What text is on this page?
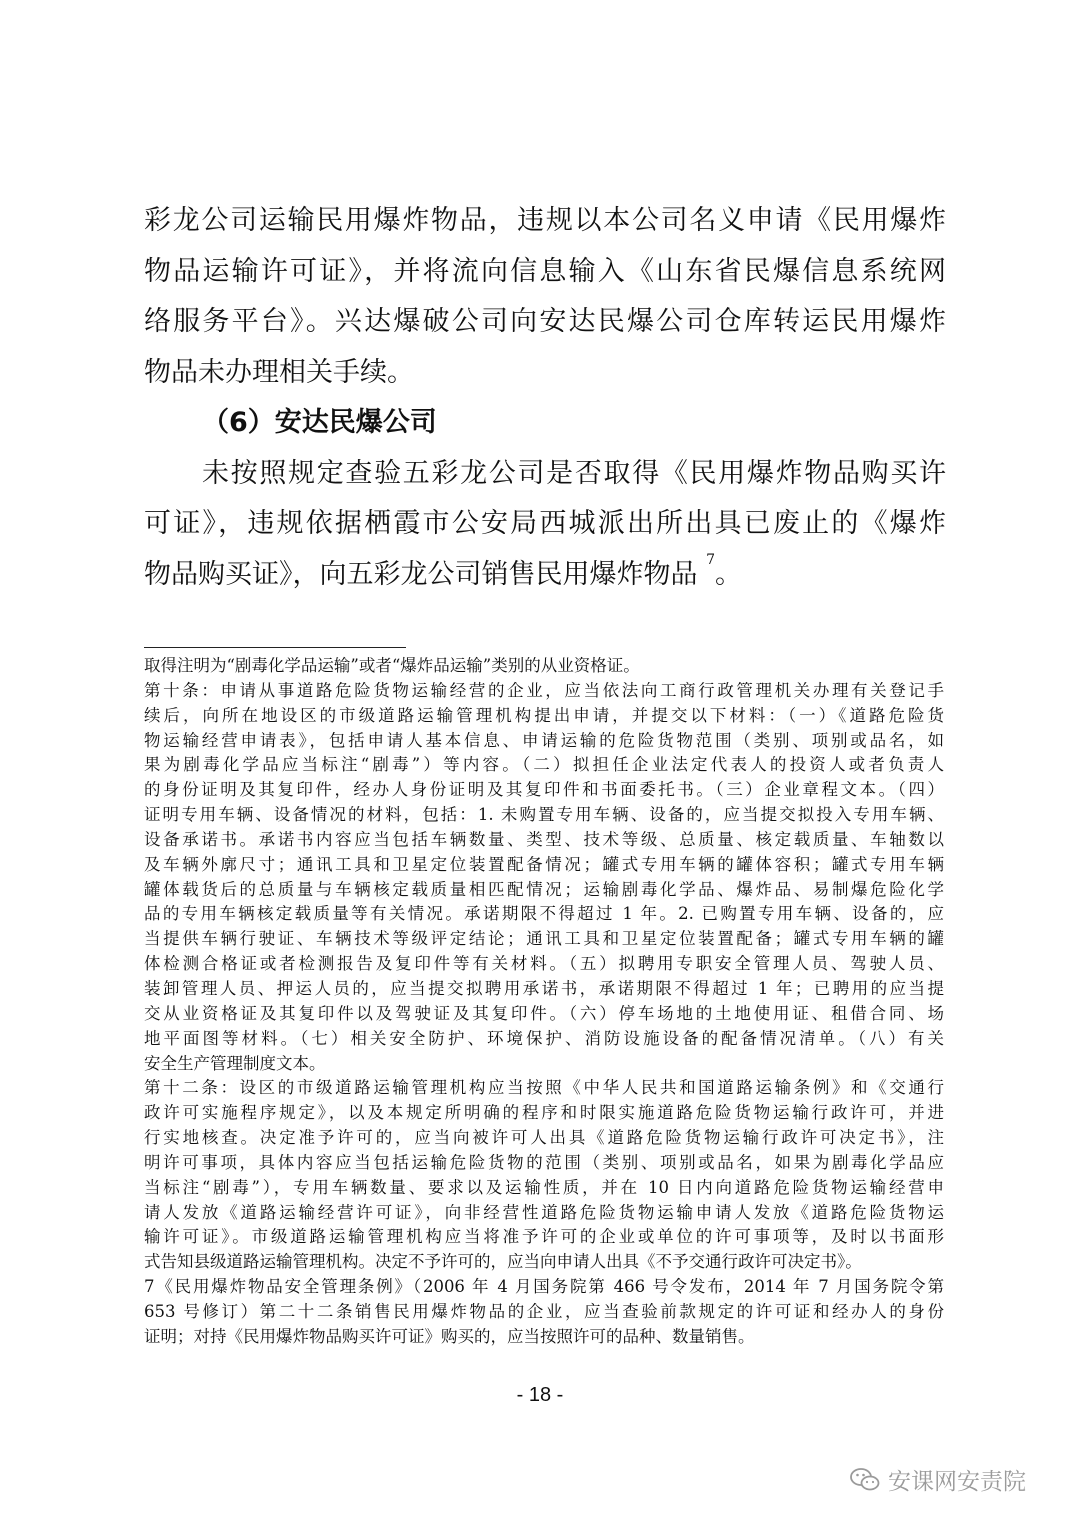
彩龙公司运输民用爆炸物品，违规以本公司名义申请《民用爆炸
物品运输许可证》，并将流向信息输入《山东省民爆信息系统网
络服务平台》。兴达爆破公司向安达民爆公司仓库转运民用爆炸
物品未办理相关手续。
（6）安达民爆公司
未按照规定查验五彩龙公司是否取得《民用爆炸物品购买许
可证》，违规依据栖霞市公安局西城派出所出具已废止的《爆炸
物品购买证》，向五彩龙公司销售民用爆炸物品 $^7$。
取得注明为“剧毒化学品运输”或者“爆炸品运输”类别的从业资格证。
第十条：申请从事道路危险货物运输经营的企业，应当依法向工商行政管理机关办理有关登记手
续后，向所在地设区的市级道路运输管理机构提出申请，并提交以下材料：（一）《道路危险货
物运输经营申请表》，包括申请人基本信息、申请运输的危险货物范围（类别、项别或品名，如
果为剧毒化学品应当标注“剧毒”）等内容。（二）拟担任企业法定代表人的投资人或者负责人
的身份证明及其复印件，经办人身份证明及其复印件和书面委托书。（三）企业章程文本。（四）
证明专用车辆、设备情况的材料，包括：1. 未购置专用车辆、设备的，应当提交拟投入专用车辆、
设备承诺书。承诺书内容应当包括车辆数量、类型、技术等级、总质量、核定载质量、车轴数以
及车辆外廓尺寸；通讯工具和卫星定位装置配备情况；罐式专用车辆的罐体容积；罐式专用车辆
罐体载货后的总质量与车辆核定载质量相匹配情况；运输剧毒化学品、爆炸品、易制爆危险化学
品的专用车辆核定载质量等有关情况。承诺期限不得超过 1 年。2. 已购置专用车辆、设备的，应
当提供车辆行驶证、车辆技术等级评定结论；通讯工具和卫星定位装置配备；罐式专用车辆的罐
体检测合格证或者检测报告及复印件等有关材料。（五）拟聘用专职安全管理人员、驾驶人员、
装卸管理人员、押运人员的，应当提交拟聘用承诺书，承诺期限不得超过 1 年；已聘用的应当提
交从业资格证及其复印件以及驾驶证及其复印件。（六）停车场地的土地使用证、租借合同、场
地平面图等材料。（七）相关安全防护、环境保护、消防设施设备的配备情况清单。（八）有关
安全生产管理制度文本。
第十二条：设区的市级道路运输管理机构应当按照《中华人民共和国道路运输条例》和《交通行
政许可实施程序规定》，以及本规定所明确的程序和时限实施道路危险货物运输行政许可，并进
行实地核查。决定准予许可的，应当向被许可人出具《道路危险货物运输行政许可决定书》，注
明许可事项，具体内容应当包括运输危险货物的范围（类别、项别或品名，如果为剧毒化学品应
当标注“剧毒”），专用车辆数量、要求以及运输性质，并在 10 日内向道路危险货物运输经营申
请人发放《道路运输经营许可证》，向非经营性道路危险货物运输申请人发放《道路危险货物运
输许可证》。市级道路运输管理机构应当将准予许可的企业或单位的许可事项等，及时以书面形
式告知县级道路运输管理机构。决定不予许可的，应当向申请人出具《不予交通行政许可决定书》。
7《民用爆炸物品安全管理条例》（2006 年 4 月国务院第 466 号令发布，2014 年 7 月国务院令第
653 号修订）第二十二条销售民用爆炸物品的企业，应当查验前款规定的许可证和经办人的身份
证明；对持《民用爆炸物品购买许可证》购买的，应当按照许可的品种、数量销售。
- 18 -
安课网安责院
